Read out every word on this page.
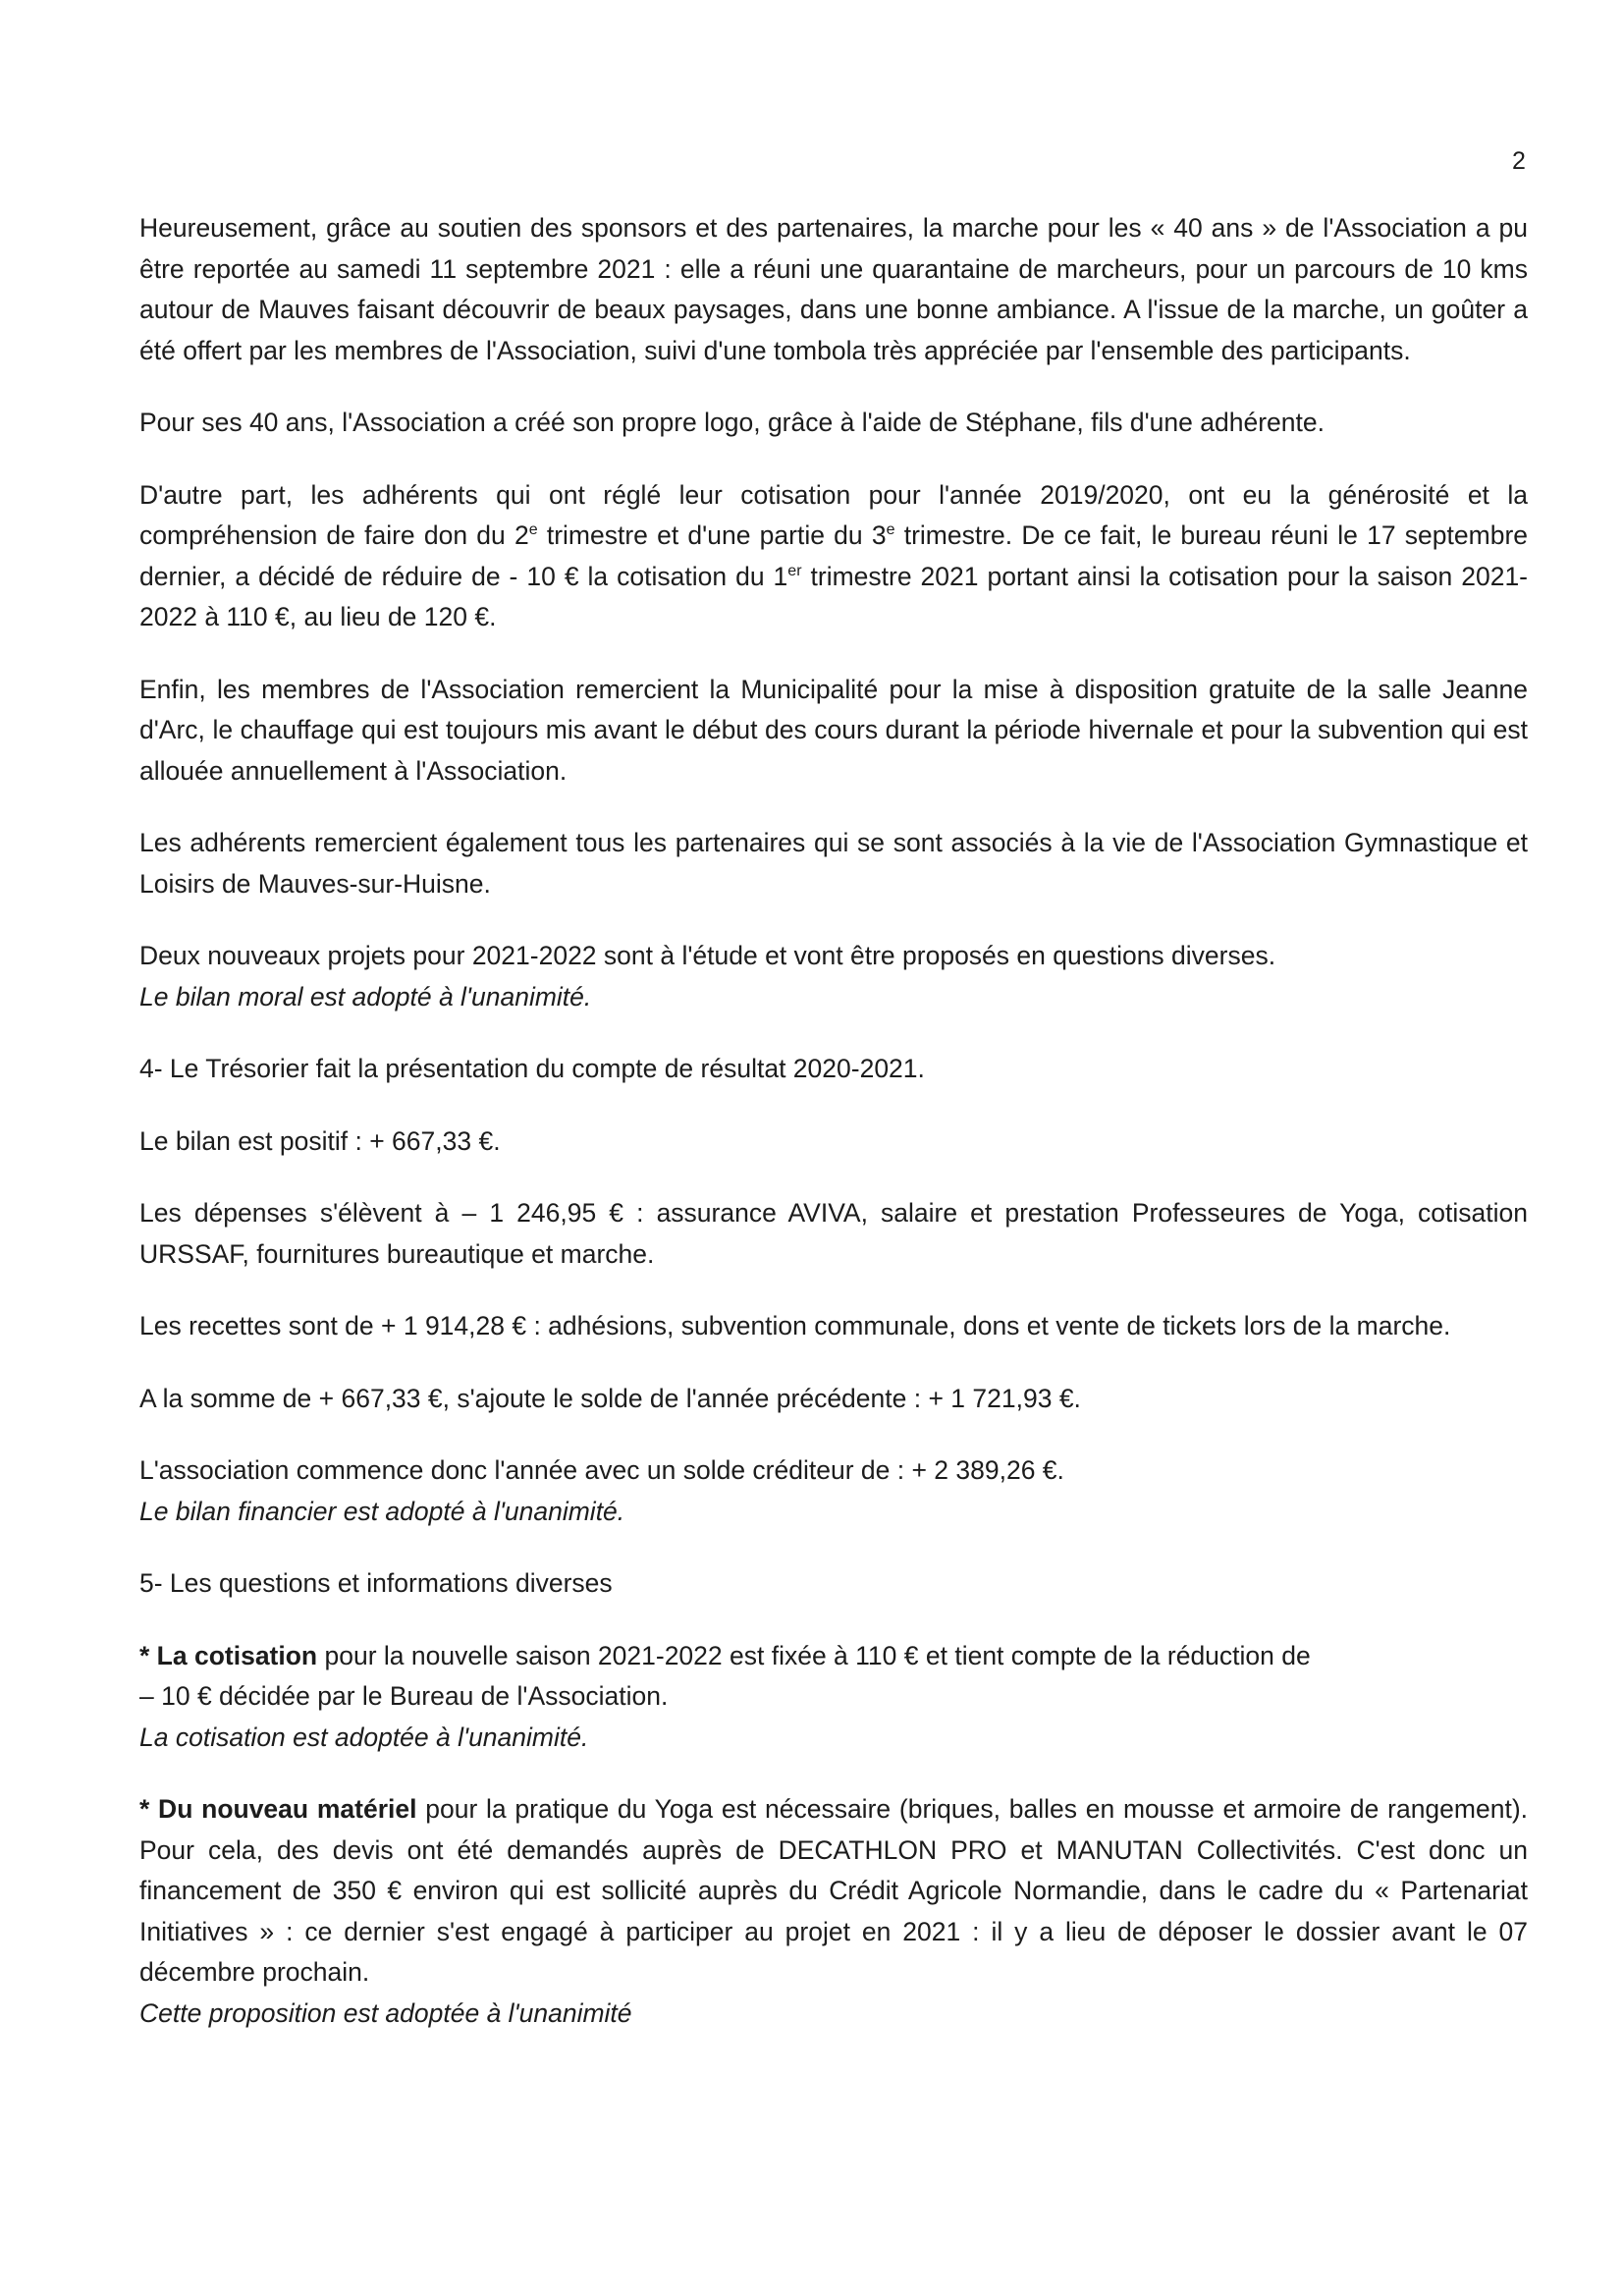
2

Heureusement, grâce au soutien des sponsors et des partenaires, la marche pour les « 40 ans » de l'Association a pu être reportée au samedi 11 septembre 2021 : elle a réuni une quarantaine de marcheurs, pour un parcours de 10 kms autour de Mauves faisant découvrir de beaux paysages, dans une bonne ambiance. A l'issue de la marche, un goûter a été offert par les membres de l'Association, suivi d'une tombola très appréciée par l'ensemble des participants.

Pour ses 40 ans, l'Association a créé son propre logo, grâce à l'aide de Stéphane, fils d'une adhérente.

D'autre part, les adhérents qui ont réglé leur cotisation pour l'année 2019/2020, ont eu la générosité et la compréhension de faire don du 2e trimestre et d'une partie du 3e trimestre. De ce fait, le bureau réuni le 17 septembre dernier, a décidé de réduire de - 10 € la cotisation du 1er trimestre 2021 portant ainsi la cotisation pour la saison 2021-2022 à 110 €, au lieu de 120 €.

Enfin, les membres de l'Association remercient la Municipalité pour la mise à disposition gratuite de la salle Jeanne d'Arc, le chauffage qui est toujours mis avant le début des cours durant la période hivernale et pour la subvention qui est allouée annuellement à l'Association.

Les adhérents remercient également tous les partenaires qui se sont associés à la vie de l'Association Gymnastique et Loisirs de Mauves-sur-Huisne.

Deux nouveaux projets pour 2021-2022 sont à l'étude et vont être proposés en questions diverses.
Le bilan moral est adopté à l'unanimité.

4- Le Trésorier fait la présentation du compte de résultat 2020-2021.

Le bilan est positif : + 667,33 €.

Les dépenses s'élèvent à – 1 246,95 € : assurance AVIVA, salaire et prestation Professeures de Yoga, cotisation URSSAF, fournitures bureautique et marche.

Les recettes sont de + 1 914,28 € : adhésions, subvention communale, dons et vente de tickets lors de la marche.

A la somme de + 667,33 €, s'ajoute le solde de l'année précédente : + 1 721,93 €.

L'association commence donc l'année avec un solde créditeur de : + 2 389,26 €.
Le bilan financier est adopté à l'unanimité.

5- Les questions et informations diverses

* La cotisation pour la nouvelle saison 2021-2022 est fixée à 110 € et tient compte de la réduction de
– 10 € décidée par le Bureau de l'Association.
La cotisation est adoptée à l'unanimité.

* Du nouveau matériel pour la pratique du Yoga est nécessaire (briques, balles en mousse et armoire de rangement). Pour cela, des devis ont été demandés auprès de DECATHLON PRO et MANUTAN Collectivités. C'est donc un financement de 350 € environ qui est sollicité auprès du Crédit Agricole Normandie, dans le cadre du « Partenariat Initiatives » : ce dernier s'est engagé à participer au projet en 2021 : il y a lieu de déposer le dossier avant le 07 décembre prochain.
Cette proposition est adoptée à l'unanimité
